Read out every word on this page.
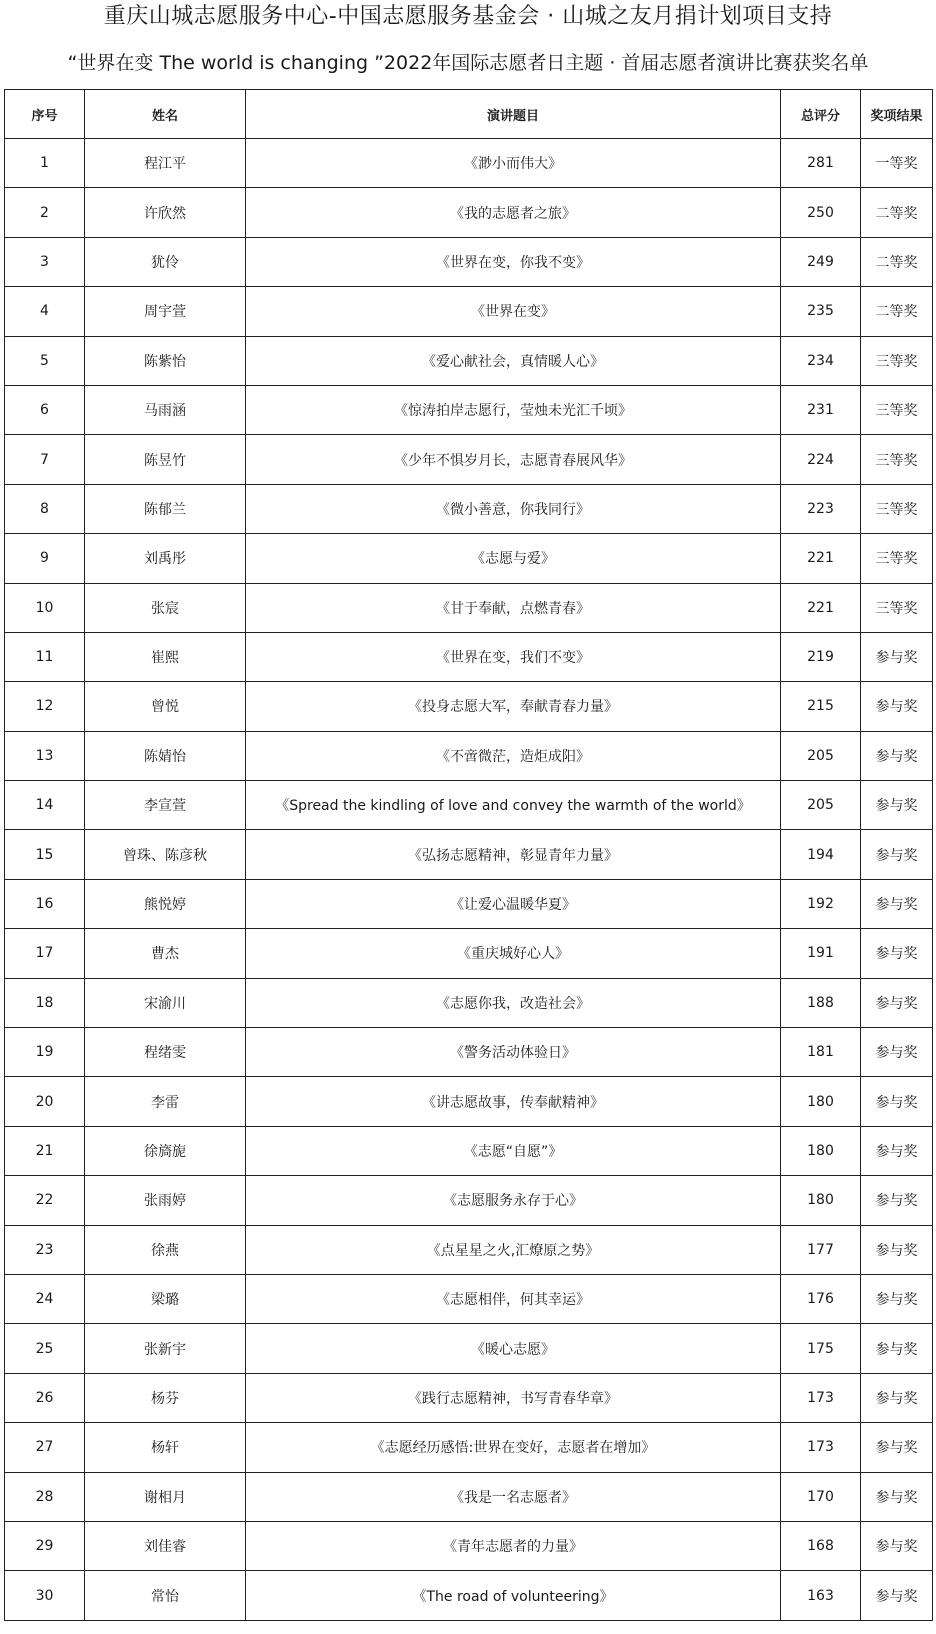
重庆山城志愿服务中心-中国志愿服务基金会 · 山城之友月捐计划项目支持
“世界在变 The world is changing ”2022年国际志愿者日主题 · 首届志愿者演讲比赛获奖名单
序号	姓名	演讲题目	总评分	奖项结果
1	程江平	《渺小而伟大》	281	一等奖
2	许欣然	《我的志愿者之旅》	250	二等奖
3	犹伶	《世界在变，你我不变》	249	二等奖
4	周宇萱	《世界在变》	235	二等奖
5	陈紫怡	《爱心献社会，真情暖人心》	234	三等奖
6	马雨涵	《惊涛拍岸志愿行，莹烛未光汇千顷》	231	三等奖
7	陈昱竹	《少年不惧岁月长，志愿青春展风华》	224	三等奖
8	陈郁兰	《微小善意，你我同行》	223	三等奖
9	刘禹彤	《志愿与爱》	221	三等奖
10	张宸	《甘于奉献，点燃青春》	221	三等奖
11	崔熙	《世界在变，我们不变》	219	参与奖
12	曾悦	《投身志愿大军，奉献青春力量》	215	参与奖
13	陈婧怡	《不啻微茫，造炬成阳》	205	参与奖
14	李宣萱	《Spread the kindling of love and convey the warmth of the world》	205	参与奖
15	曾珠、陈彦秋	《弘扬志愿精神，彰显青年力量》	194	参与奖
16	熊悦婷	《让爱心温暖华夏》	192	参与奖
17	曹杰	《重庆城好心人》	191	参与奖
18	宋渝川	《志愿你我，改造社会》	188	参与奖
19	程绪雯	《警务活动体验日》	181	参与奖
20	李雷	《讲志愿故事，传奉献精神》	180	参与奖
21	徐旖旎	《志愿“自愿”》	180	参与奖
22	张雨婷	《志愿服务永存于心》	180	参与奖
23	徐燕	《点星星之火,汇燎原之势》	177	参与奖
24	梁璐	《志愿相伴，何其幸运》	176	参与奖
25	张新宇	《暖心志愿》	175	参与奖
26	杨芬	《践行志愿精神，书写青春华章》	173	参与奖
27	杨轩	《志愿经历感悟:世界在变好，志愿者在增加》	173	参与奖
28	谢相月	《我是一名志愿者》	170	参与奖
29	刘佳睿	《青年志愿者的力量》	168	参与奖
30	常怡	《The road of volunteering》	163	参与奖
